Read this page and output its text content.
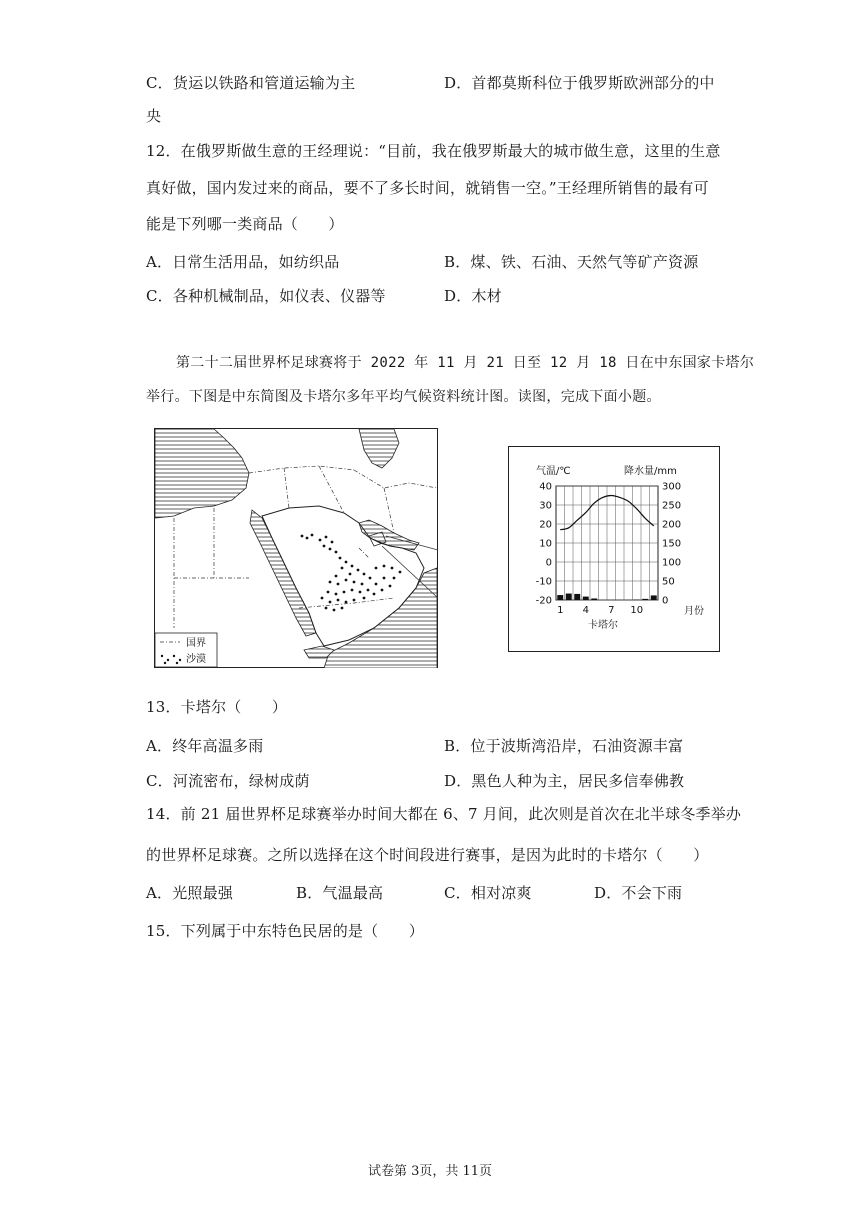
C．货运以铁路和管道运输为主	D．首都莫斯科位于俄罗斯欧洲部分的中
央
12．在俄罗斯做生意的王经理说：“目前，我在俄罗斯最大的城市做生意，这里的生意
真好做，国内发过来的商品，要不了多长时间，就销售一空。”王经理所销售的最有可
能是下列哪一类商品（　　）
A．日常生活用品，如纺织品	B．煤、铁、石油、天然气等矿产资源
C．各种机械制品，如仪表、仪器等	D．木材
第二十二届世界杯足球赛将于 2022 年 11 月 21 日至 12 月 18 日在中东国家卡塔尔
举行。下图是中东简图及卡塔尔多年平均气候资料统计图。读图，完成下面小题。
国界
沙漠
气温/℃	降水量/mm
40
30
20
10
0
-10
-20
300
250
200
150
100
50
0
1 4 7 10	月份
卡塔尔
13．卡塔尔（　　）
A．终年高温多雨	B．位于波斯湾沿岸，石油资源丰富
C．河流密布，绿树成荫	D．黑色人种为主，居民多信奉佛教
14．前 21 届世界杯足球赛举办时间大都在 6、7 月间，此次则是首次在北半球冬季举办
的世界杯足球赛。之所以选择在这个时间段进行赛事，是因为此时的卡塔尔（　　）
A．光照最强	B．气温最高	C．相对凉爽	D．不会下雨
15．下列属于中东特色民居的是（　　）
试卷第 3页，共 11页
